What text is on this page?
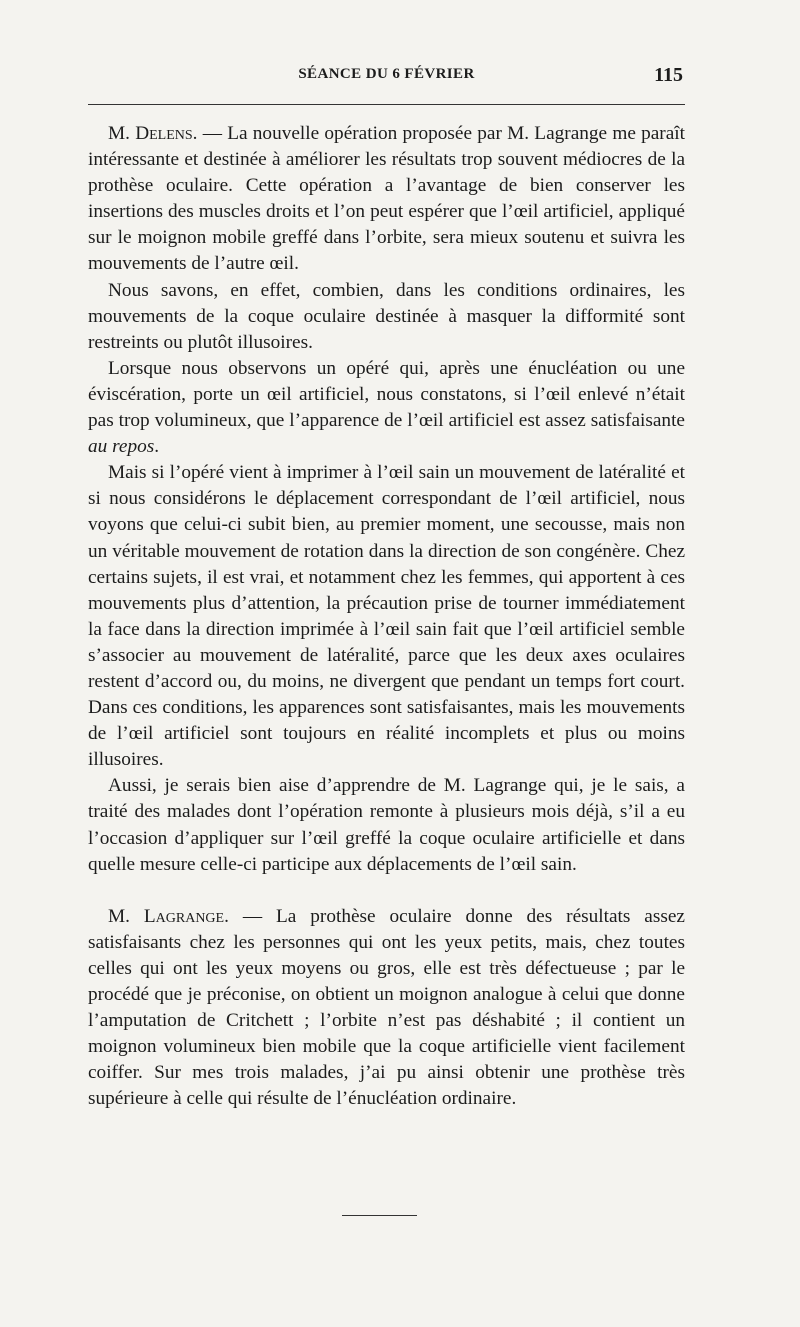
SÉANCE DU 6 FÉVRIER	115

M. Delens. — La nouvelle opération proposée par M. Lagrange me paraît intéressante et destinée à améliorer les résultats trop souvent médiocres de la prothèse oculaire. Cette opération a l’avantage de bien conserver les insertions des muscles droits et l’on peut espérer que l’œil artificiel, appliqué sur le moignon mobile greffé dans l’orbite, sera mieux soutenu et suivra les mouvements de l’autre œil.

Nous savons, en effet, combien, dans les conditions ordinaires, les mouvements de la coque oculaire destinée à masquer la difformité sont restreints ou plutôt illusoires.

Lorsque nous observons un opéré qui, après une énucléation ou une éviscération, porte un œil artificiel, nous constatons, si l’œil enlevé n’était pas trop volumineux, que l’apparence de l’œil artificiel est assez satisfaisante au repos.

Mais si l’opéré vient à imprimer à l’œil sain un mouvement de latéralité et si nous considérons le déplacement correspondant de l’œil artificiel, nous voyons que celui-ci subit bien, au premier moment, une secousse, mais non un véritable mouvement de rotation dans la direction de son congénère. Chez certains sujets, il est vrai, et notamment chez les femmes, qui apportent à ces mouvements plus d’attention, la précaution prise de tourner immédiatement la face dans la direction imprimée à l’œil sain fait que l’œil artificiel semble s’associer au mouvement de latéralité, parce que les deux axes oculaires restent d’accord ou, du moins, ne divergent que pendant un temps fort court. Dans ces conditions, les apparences sont satisfaisantes, mais les mouvements de l’œil artificiel sont toujours en réalité incomplets et plus ou moins illusoires.

Aussi, je serais bien aise d’apprendre de M. Lagrange qui, je le sais, a traité des malades dont l’opération remonte à plusieurs mois déjà, s’il a eu l’occasion d’appliquer sur l’œil greffé la coque oculaire artificielle et dans quelle mesure celle-ci participe aux déplacements de l’œil sain.

M. Lagrange. — La prothèse oculaire donne des résultats assez satisfaisants chez les personnes qui ont les yeux petits, mais, chez toutes celles qui ont les yeux moyens ou gros, elle est très défectueuse ; par le procédé que je préconise, on obtient un moignon analogue à celui que donne l’amputation de Critchett ; l’orbite n’est pas déshabité ; il contient un moignon volumineux bien mobile que la coque artificielle vient facilement coiffer. Sur mes trois malades, j’ai pu ainsi obtenir une prothèse très supérieure à celle qui résulte de l’énucléation ordinaire.
